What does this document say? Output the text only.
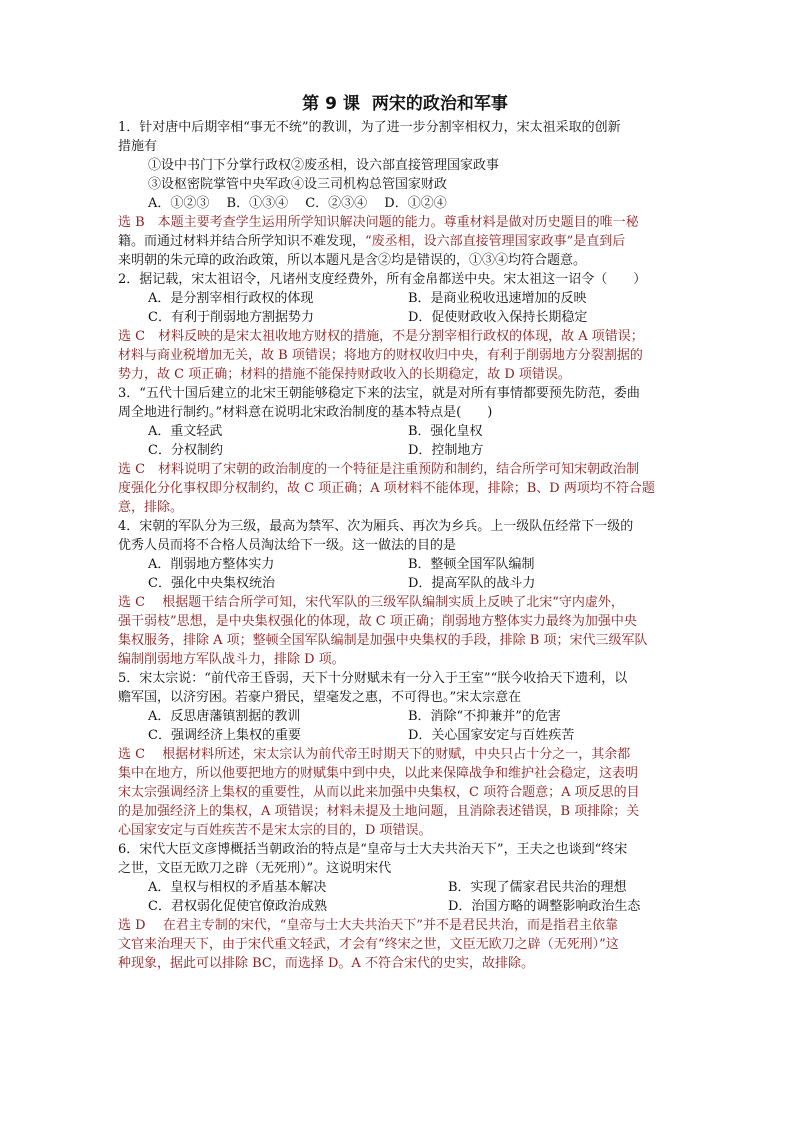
第 9 课 两宋的政治和军事
1．针对唐中后期宰相“事无不统”的教训，为了进一步分割宰相权力，宋太祖采取的创新
措施有
①设中书门下分掌行政权②废丞相，设六部直接管理国家政事
③设枢密院掌管中央军政④设三司机构总管国家财政
A．①②③　 B．①③④　 C．②③④　 D．①②④
选 B　本题主要考查学生运用所学知识解决问题的能力。尊重材料是做对历史题目的唯一秘
籍。而通过材料并结合所学知识不难发现，“废丞相，设六部直接管理国家政事”是直到后
来明朝的朱元璋的政治政策，所以本题凡是含②均是错误的，①③④均符合题意。
2．据记载，宋太祖诏令，凡诸州支度经费外，所有金帛都送中央。宋太祖这一诏令（　　）
A．是分割宰相行政权的体现	B．是商业税收迅速增加的反映
C．有利于削弱地方割据势力	D．促使财政收入保持长期稳定
选 C　材料反映的是宋太祖收地方财权的措施，不是分割宰相行政权的体现，故 A 项错误；
材料与商业税增加无关，故 B 项错误；将地方的财权收归中央，有利于削弱地方分裂割据的
势力，故 C 项正确；材料的措施不能保持财政收入的长期稳定，故 D 项错误。
3．“五代十国后建立的北宋王朝能够稳定下来的法宝，就是对所有事情都要预先防范，委曲
周全地进行制约。”材料意在说明北宋政治制度的基本特点是(　　)
A．重文轻武	B．强化皇权
C．分权制约	D．控制地方
选 C　材料说明了宋朝的政治制度的一个特征是注重预防和制约，结合所学可知宋朝政治制
度强化分化事权即分权制约，故 C 项正确；A 项材料不能体现，排除；B、D 两项均不符合题
意，排除。
4．宋朝的军队分为三级，最高为禁军、次为厢兵、再次为乡兵。上一级队伍经常下一级的
优秀人员而将不合格人员淘汰给下一级。这一做法的目的是
A．削弱地方整体实力	B．整顿全国军队编制
C．强化中央集权统治	D．提高军队的战斗力
选 C　 根据题干结合所学可知，宋代军队的三级军队编制实质上反映了北宋“守内虚外，
强干弱枝”思想，是中央集权强化的体现，故 C 项正确；削弱地方整体实力最终为加强中央
集权服务，排除 A 项；整顿全国军队编制是加强中央集权的手段，排除 B 项；宋代三级军队
编制削弱地方军队战斗力，排除 D 项。
5．宋太宗说：“前代帝王昏弱，天下十分财赋未有一分入于王室”“朕今收拾天下遗利，以
赡军国，以济穷困。若豪户猾民，望毫发之惠，不可得也。”宋太宗意在
A．反思唐藩镇割据的教训	B．消除“不抑兼并”的危害
C．强调经济上集权的重要	D．关心国家安定与百姓疾苦
选 C　 根据材料所述，宋太宗认为前代帝王时期天下的财赋，中央只占十分之一，其余都
集中在地方，所以他要把地方的财赋集中到中央，以此来保障战争和维护社会稳定，这表明
宋太宗强调经济上集权的重要性，从而以此来加强中央集权，C 项符合题意；A 项反思的目
的是加强经济上的集权，A 项错误；材料未提及土地问题，且消除表述错误，B 项排除；关
心国家安定与百姓疾苦不是宋太宗的目的，D 项错误。
6．宋代大臣文彦博概括当朝政治的特点是“皇帝与士大夫共治天下”，王夫之也谈到“终宋
之世，文臣无欧刀之辟（无死刑）”。这说明宋代
A．皇权与相权的矛盾基本解决	B．实现了儒家君民共治的理想
C．君权弱化促使官僚政治成熟	D．治国方略的调整影响政治生态
选 D　 在君主专制的宋代，“皇帝与士大夫共治天下”并不是君民共治，而是指君主依靠
文官来治理天下，由于宋代重文轻武，才会有“终宋之世，文臣无欧刀之辟（无死刑）”这
种现象，据此可以排除 BC，而选择 D。A 不符合宋代的史实，故排除。
